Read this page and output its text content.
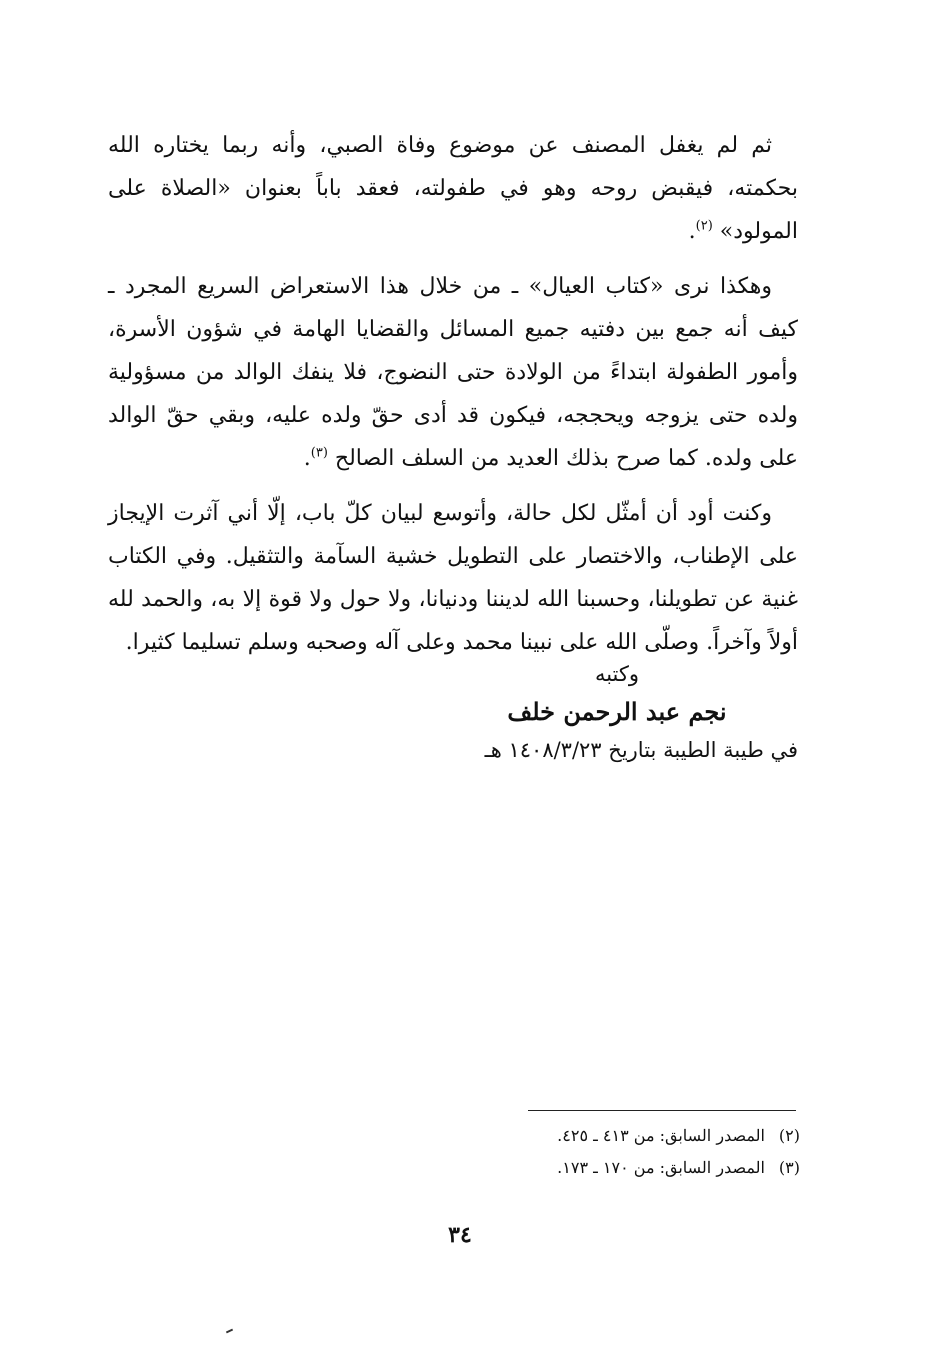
ثم لم يغفل المصنف عن موضوع وفاة الصبي، وأنه ربما يختاره الله بحكمته، فيقبض روحه وهو في طفولته، فعقد باباً بعنوان «الصلاة على المولود» $^{(٢)}$.

وهكذا نرى «كتاب العيال» ـ من خلال هذا الاستعراض السريع المجرد ـ كيف أنه جمع بين دفتيه جميع المسائل والقضايا الهامة في شؤون الأسرة، وأمور الطفولة ابتداءً من الولادة حتى النضوج، فلا ينفك الوالد من مسؤولية ولده حتى يزوجه ويحججه، فيكون قد أدى حقّ ولده عليه، وبقي حقّ الوالد على ولده. كما صرح بذلك العديد من السلف الصالح $^{(٣)}$.

وكنت أود أن أمثّل لكل حالة، وأتوسع لبيان كلّ باب، إلّا أني آثرت الإيجاز على الإطناب، والاختصار على التطويل خشية السآمة والتثقيل. وفي الكتاب غنية عن تطويلنا، وحسبنا الله لديننا ودنيانا، ولا حول ولا قوة إلا به، والحمد لله أولاً وآخراً. وصلّى الله على نبينا محمد وعلى آله وصحبه وسلم تسليما كثيرا.

وكتبه
نجم عبد الرحمن خلف
في طيبة الطيبة بتاريخ ١٤٠٨/٣/٢٣ هـ
(٢)المصدر السابق: من ٤١٣ ـ ٤٢٥.
(٣)المصدر السابق: من ١٧٠ ـ ١٧٣.
٣٤
